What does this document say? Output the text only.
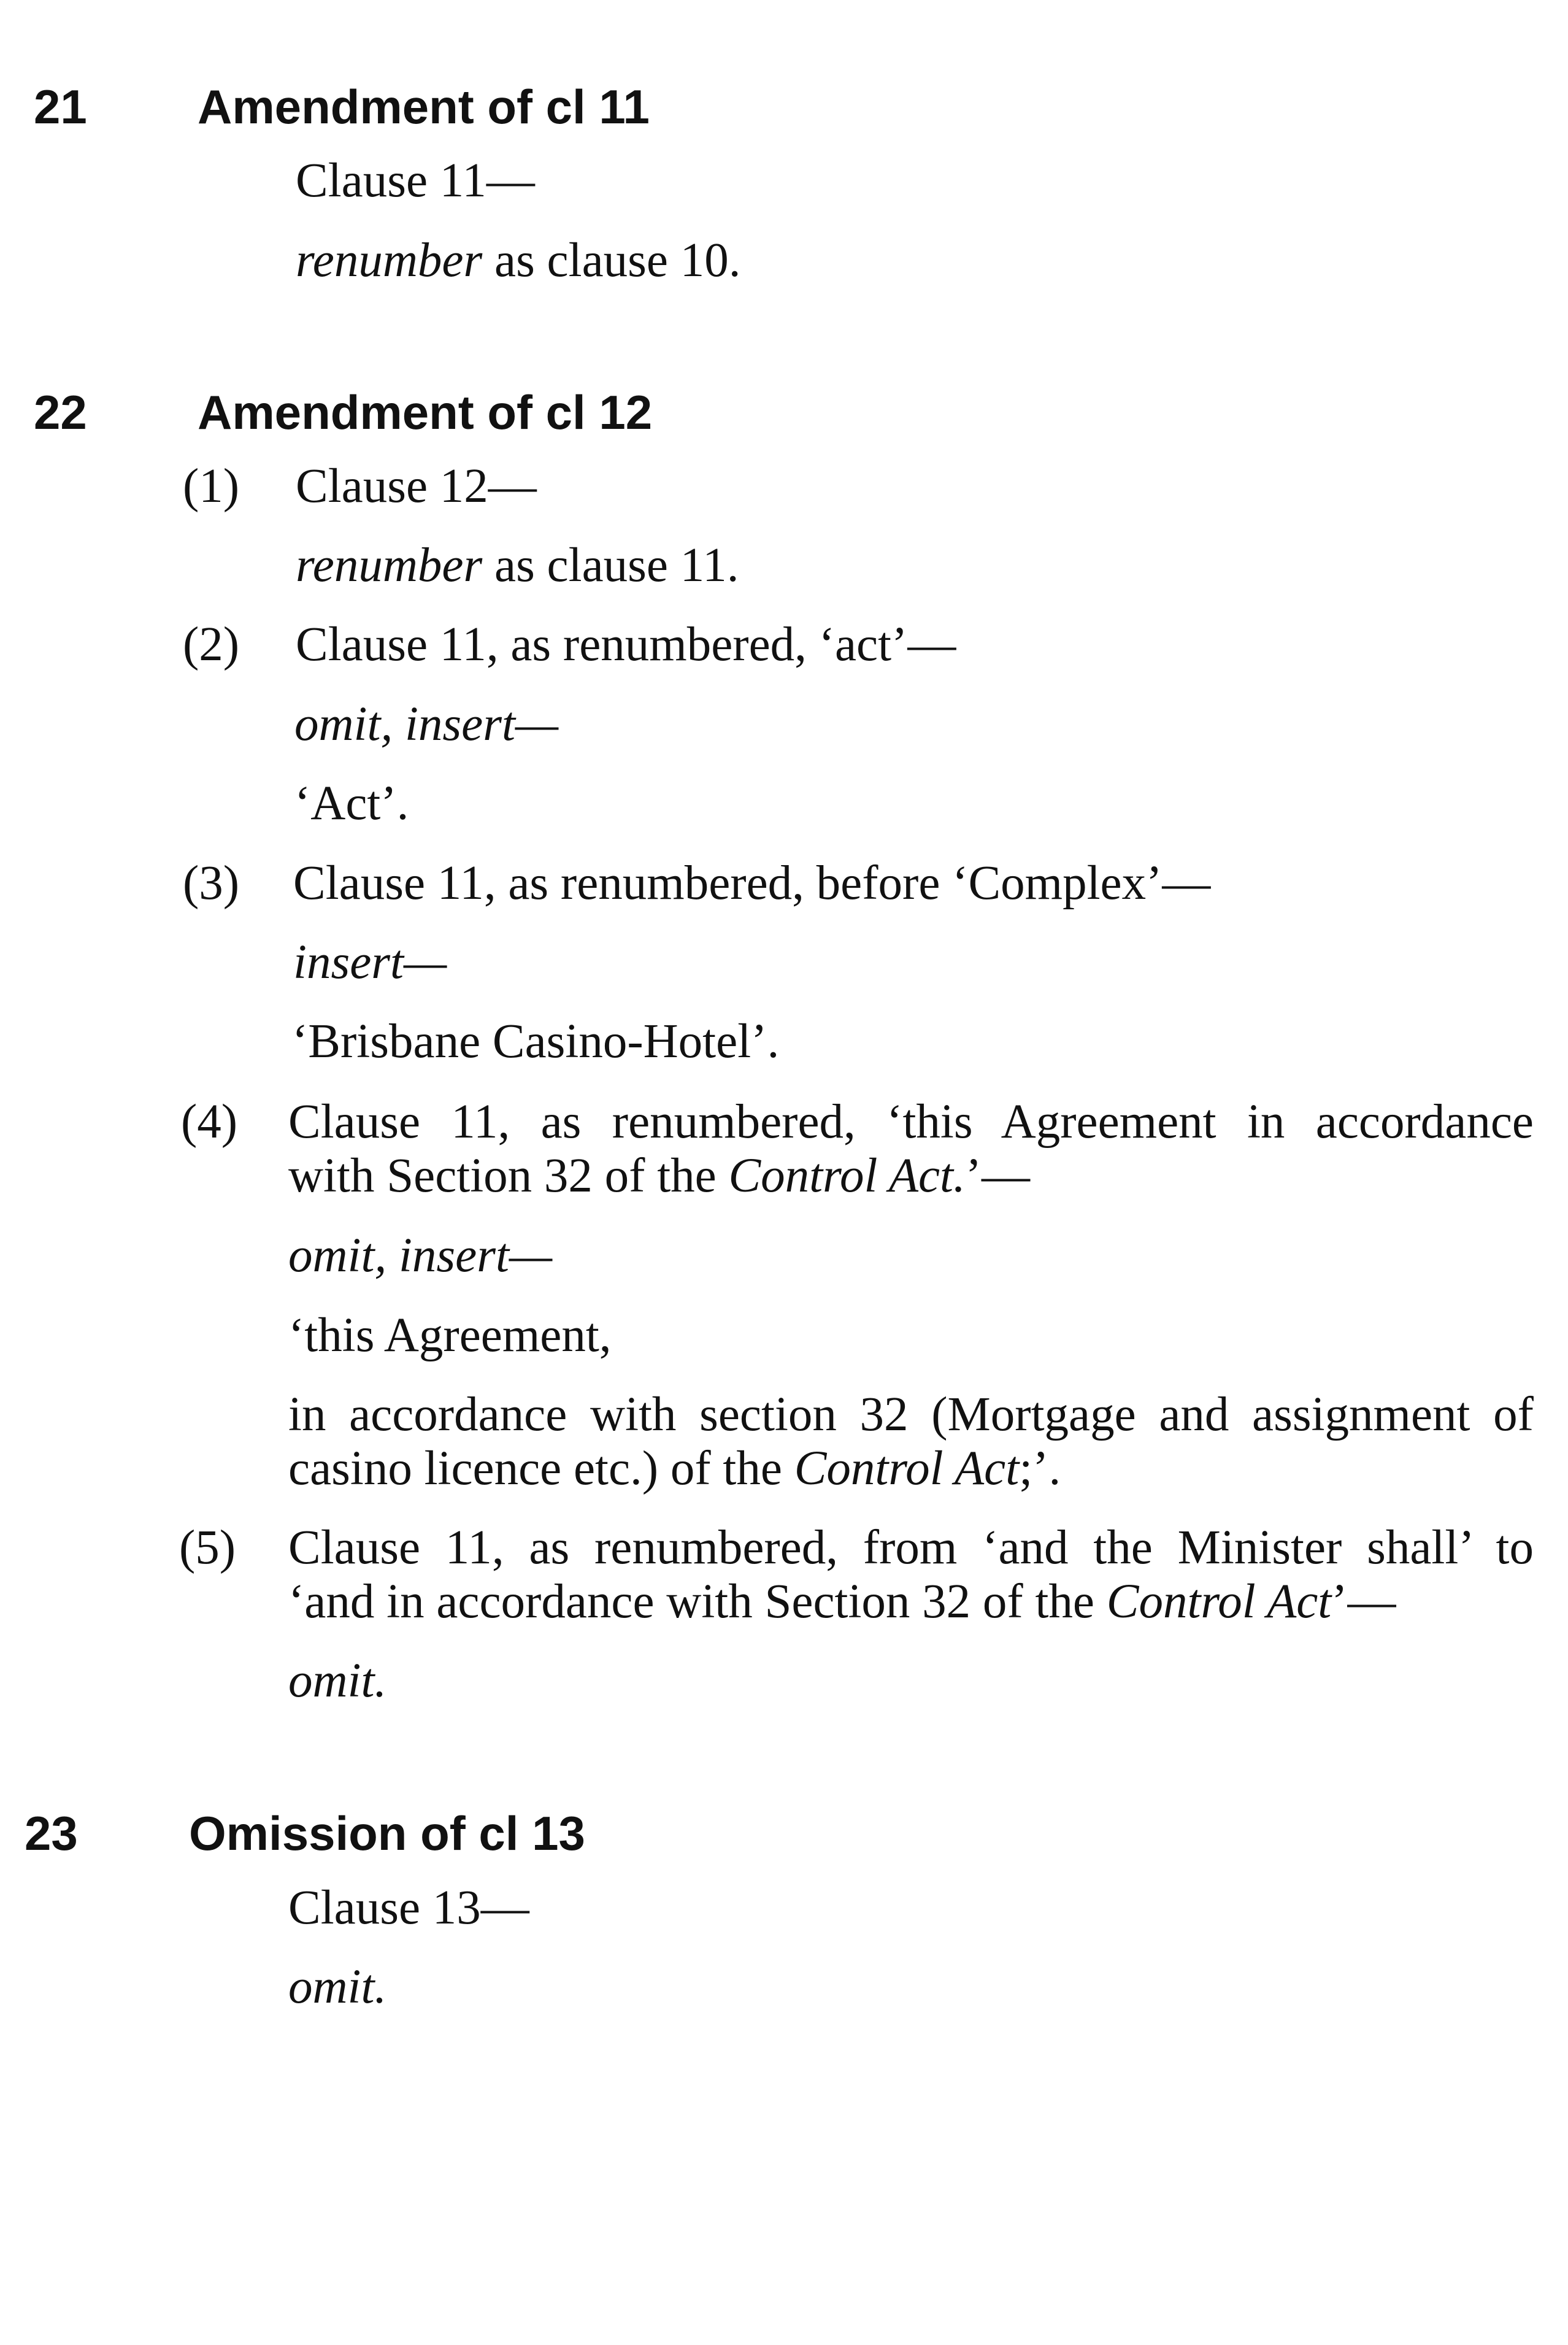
21 Amendment of cl 11
Clause 11—
renumber as clause 10.
22 Amendment of cl 12
(1) Clause 12—
renumber as clause 11.
(2) Clause 11, as renumbered, ‘act’—
omit, insert—
‘Act’.
(3) Clause 11, as renumbered, before ‘Complex’—
insert—
‘Brisbane Casino-Hotel’.
(4) Clause 11, as renumbered, ‘this Agreement in accordance
with Section 32 of the Control Act.’—
omit, insert—
‘this Agreement,
in accordance with section 32 (Mortgage and assignment of
casino licence etc.) of the Control Act;’.
(5) Clause 11, as renumbered, from ‘and the Minister shall’ to
‘and in accordance with Section 32 of the Control Act’—
omit.
23 Omission of cl 13
Clause 13—
omit.
